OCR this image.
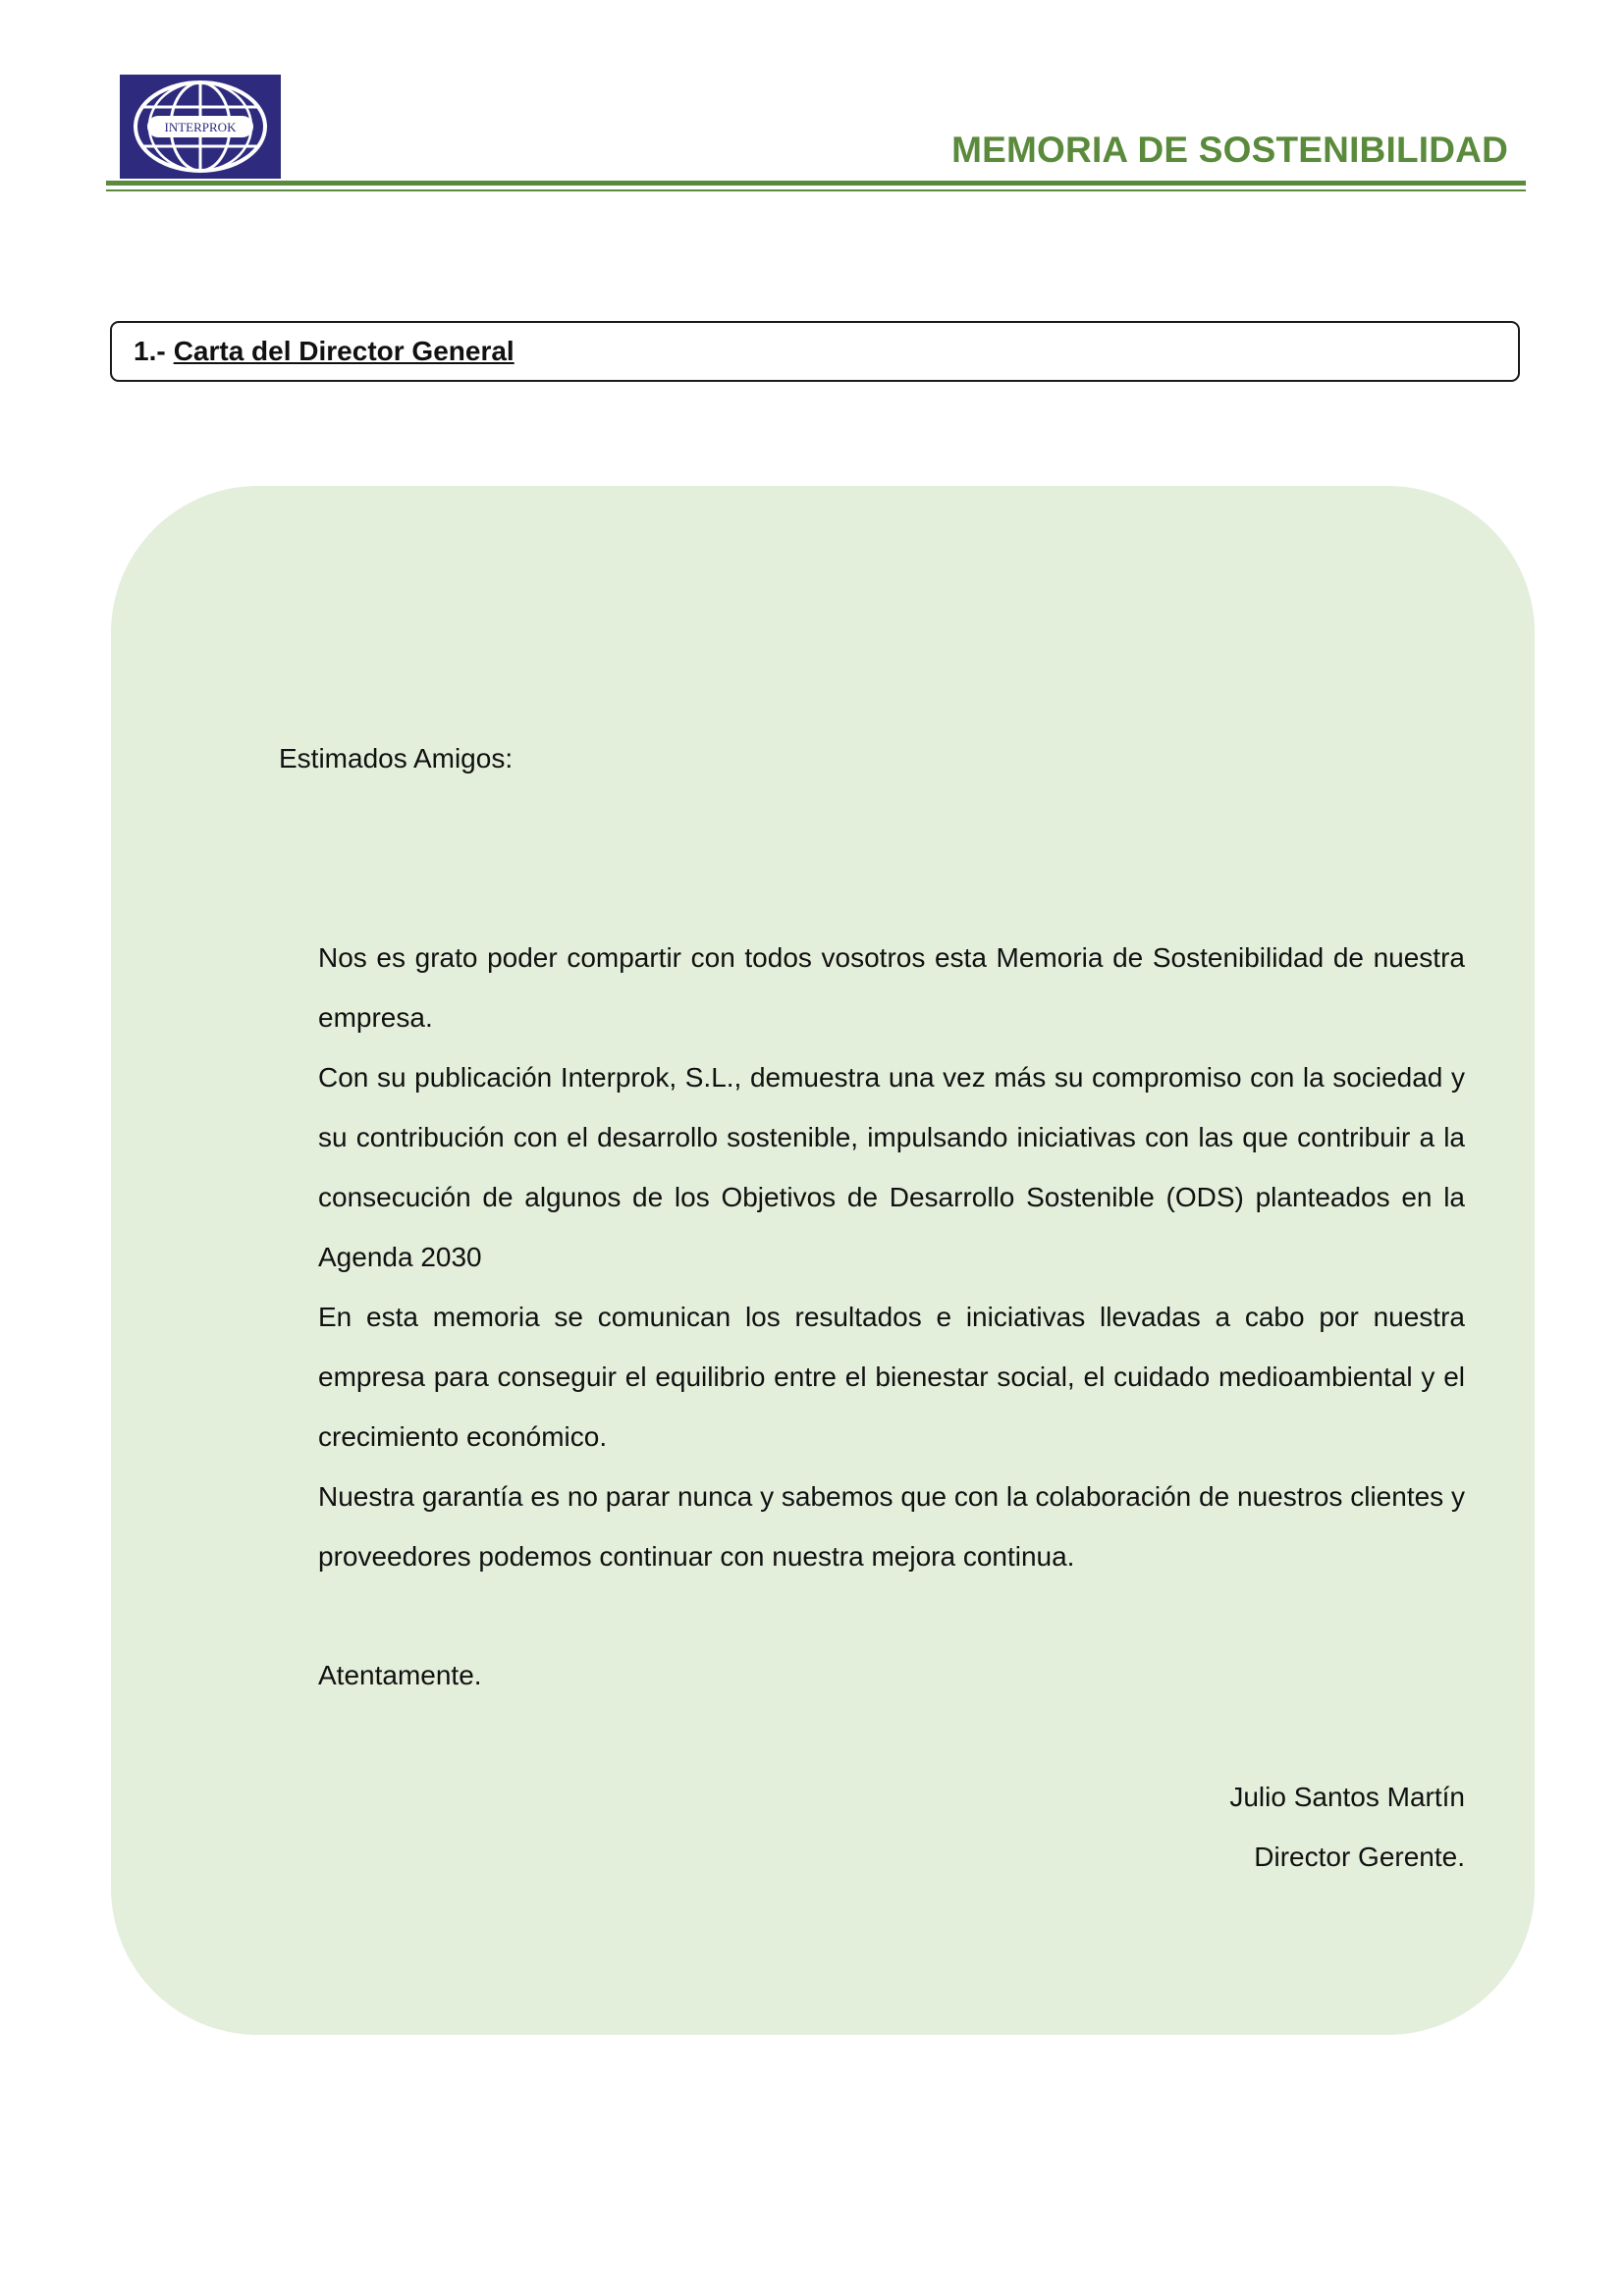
INTERPROK
MEMORIA DE SOSTENIBILIDAD
1.- Carta del Director General
Estimados Amigos:

Nos es grato poder compartir con todos vosotros esta Memoria de Sostenibilidad de nuestra empresa.

Con su publicación Interprok, S.L., demuestra una vez más su compromiso con la sociedad y su contribución con el desarrollo sostenible, impulsando iniciativas con las que contribuir a la consecución de algunos de los Objetivos de Desarrollo Sostenible (ODS) planteados en la Agenda 2030

En esta memoria se comunican los resultados e iniciativas llevadas a cabo por nuestra empresa para conseguir el equilibrio entre el bienestar social, el cuidado medioambiental y el crecimiento económico.

Nuestra garantía es no parar nunca y sabemos que con la colaboración de nuestros clientes y proveedores podemos continuar con nuestra mejora continua.

Atentamente.
Julio Santos Martín
Director Gerente.
